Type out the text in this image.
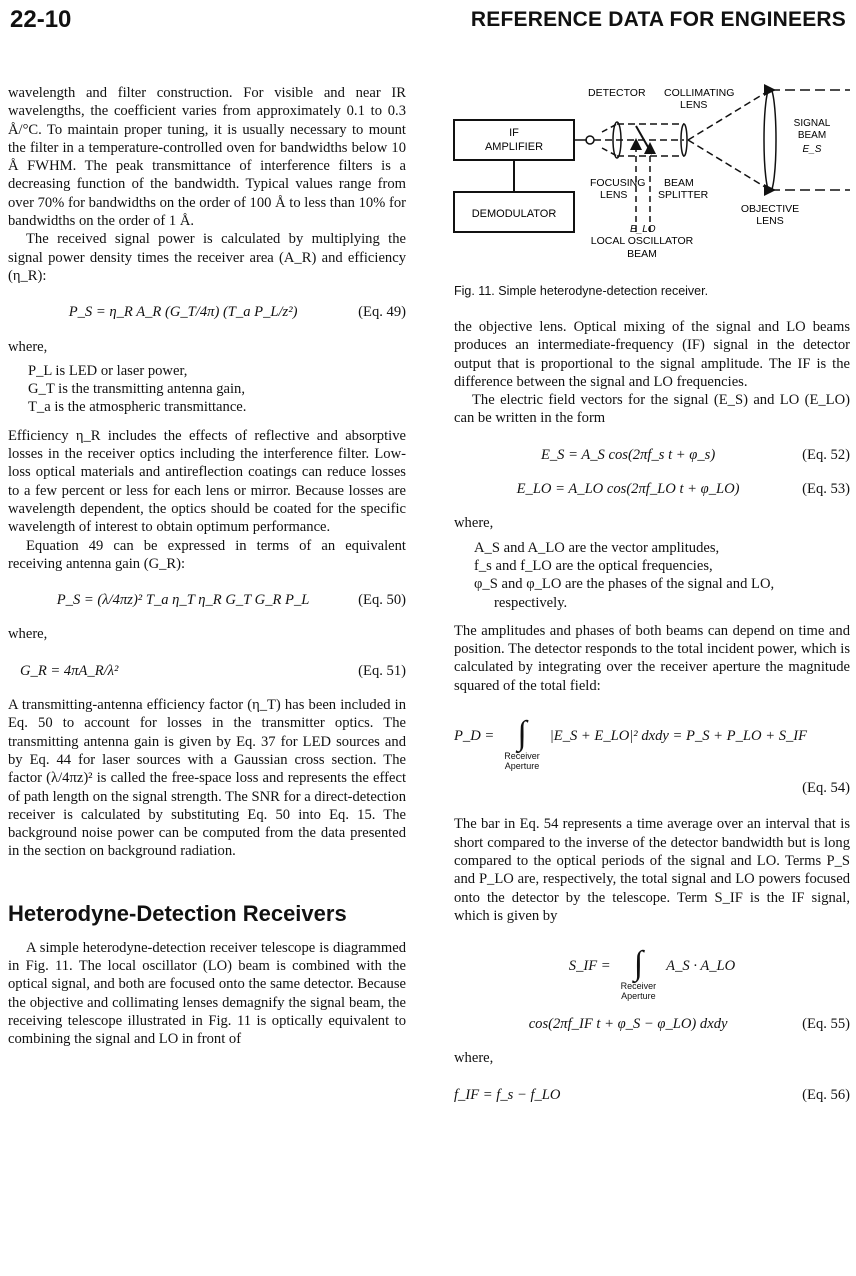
22-10	REFERENCE DATA FOR ENGINEERS

wavelength and filter construction. For visible and near IR wavelengths, the coefficient varies from approximately 0.1 to 0.3 Å/°C. To maintain proper tuning, it is usually necessary to mount the filter in a temperature-controlled oven for bandwidths below 10 Å FWHM. The peak transmittance of interference filters is a decreasing function of the bandwidth. Typical values range from over 70% for bandwidths on the order of 100 Å to less than 10% for bandwidths on the order of 1 Å.

The received signal power is calculated by multiplying the signal power density times the receiver area (A_R) and efficiency (η_R):

P_S = η_R A_R (G_T/4π) (T_a P_L/z²)	(Eq. 49)
where,
P_L is LED or laser power,
G_T is the transmitting antenna gain,
T_a is the atmospheric transmittance.

Efficiency η_R includes the effects of reflective and absorptive losses in the receiver optics including the interference filter. Low-loss optical materials and antireflection coatings can reduce losses to a few percent or less for each lens or mirror. Because losses are wavelength dependent, the optics should be coated for the specific wavelength of interest to obtain optimum performance.

Equation 49 can be expressed in terms of an equivalent receiving antenna gain (G_R):

P_S = (λ/4πz)² T_a η_T η_R G_T G_R P_L	(Eq. 50)
where,
G_R = 4πA_R/λ²	(Eq. 51)

A transmitting-antenna efficiency factor (η_T) has been included in Eq. 50 to account for losses in the transmitter optics. The transmitting antenna gain is given by Eq. 37 for LED sources and by Eq. 44 for laser sources with a Gaussian cross section. The factor (λ/4πz)² is called the free-space loss and represents the effect of path length on the signal strength. The SNR for a direct-detection receiver is calculated by substituting Eq. 50 into Eq. 15. The background noise power can be computed from the data presented in the section on background radiation.

Heterodyne-Detection Receivers

A simple heterodyne-detection receiver telescope is diagrammed in Fig. 11. The local oscillator (LO) beam is combined with the optical signal, and both are focused onto the same detector. Because the objective and collimating lenses demagnify the signal beam, the receiving telescope illustrated in Fig. 11 is optically equivalent to combining the signal and LO in front of

IF
AMPLIFIER
DEMODULATOR
DETECTOR COLLIMATING
LENS
FOCUSING
LENS
BEAM
SPLITTER
SIGNAL
BEAM
E_S
OBJECTIVE
LENS
E_LO
LOCAL OSCILLATOR
BEAM
Fig. 11. Simple heterodyne-detection receiver.

the objective lens. Optical mixing of the signal and LO beams produces an intermediate-frequency (IF) signal in the detector output that is proportional to the signal amplitude. The IF is the difference between the signal and LO frequencies.

The electric field vectors for the signal (E_S) and LO (E_LO) can be written in the form

E_S = A_S cos(2πf_s t + φ_s)	(Eq. 52)
E_LO = A_LO cos(2πf_LO t + φ_LO)	(Eq. 53)
where,
A_S and A_LO are the vector amplitudes,
f_s and f_LO are the optical frequencies,
φ_S and φ_LO are the phases of the signal and LO,
respectively.

The amplitudes and phases of both beams can depend on time and position. The detector responds to the total incident power, which is calculated by integrating over the receiver aperture the magnitude squared of the total field:

P_D = ∫
Receiver
Aperture
|E_S + E_LO|² dxdy = P_S + P_LO + S_IF
(Eq. 54)

The bar in Eq. 54 represents a time average over an interval that is short compared to the inverse of the detector bandwidth but is long compared to the optical periods of the signal and LO. Terms P_S and P_LO are, respectively, the total signal and LO powers focused onto the detector by the telescope. Term S_IF is the IF signal, which is given by

S_IF = ∫
Receiver
Aperture
A_S · A_LO
cos(2πf_IF t + φ_S − φ_LO) dxdy	(Eq. 55)
where,
f_IF = f_s − f_LO	(Eq. 56)
